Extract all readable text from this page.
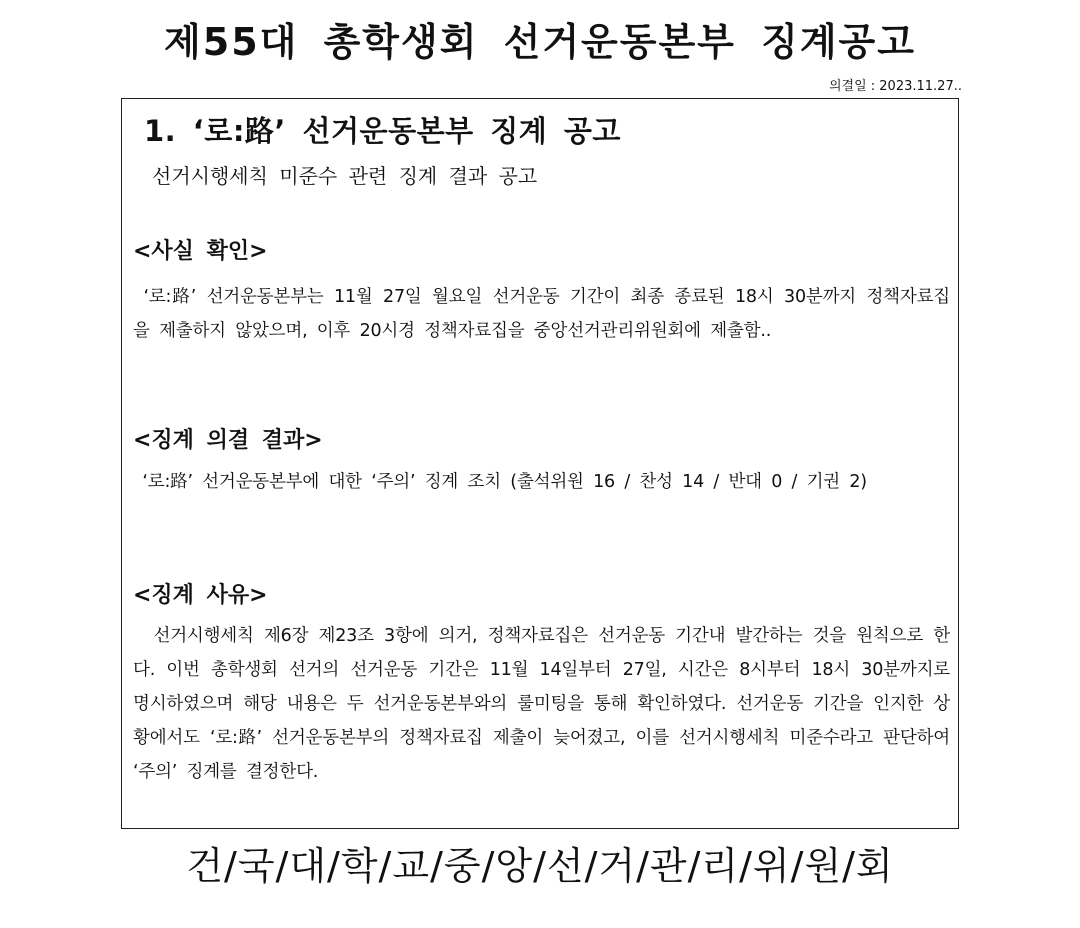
제55대 총학생회 선거운동본부 징계공고
의결일 : 2023.11.27..
1. ‘로:路’ 선거운동본부 징계 공고
선거시행세칙 미준수 관련 징계 결과 공고
<사실 확인>
‘로:路’ 선거운동본부는 11월 27일 월요일 선거운동 기간이 최종 종료된 18시 30분까지 정책자료집을 제출하지 않았으며, 이후 20시경 정책자료집을 중앙선거관리위원회에 제출함..
<징계 의결 결과>
‘로:路’ 선거운동본부에 대한 ‘주의’ 징계 조치 (출석위원 16 / 찬성 14 / 반대 0 / 기권 2)
<징계 사유>
선거시행세칙 제6장 제23조 3항에 의거, 정책자료집은 선거운동 기간내 발간하는 것을 원칙으로 한다. 이번 총학생회 선거의 선거운동 기간은 11월 14일부터 27일, 시간은 8시부터 18시 30분까지로 명시하였으며 해당 내용은 두 선거운동본부와의 룰미팅을 통해 확인하였다. 선거운동 기간을 인지한 상황에서도 ‘로:路’ 선거운동본부의 정책자료집 제출이 늦어졌고, 이를 선거시행세칙 미준수라고 판단하여 ‘주의’ 징계를 결정한다.
건/국/대/학/교/중/앙/선/거/관/리/위/원/회
